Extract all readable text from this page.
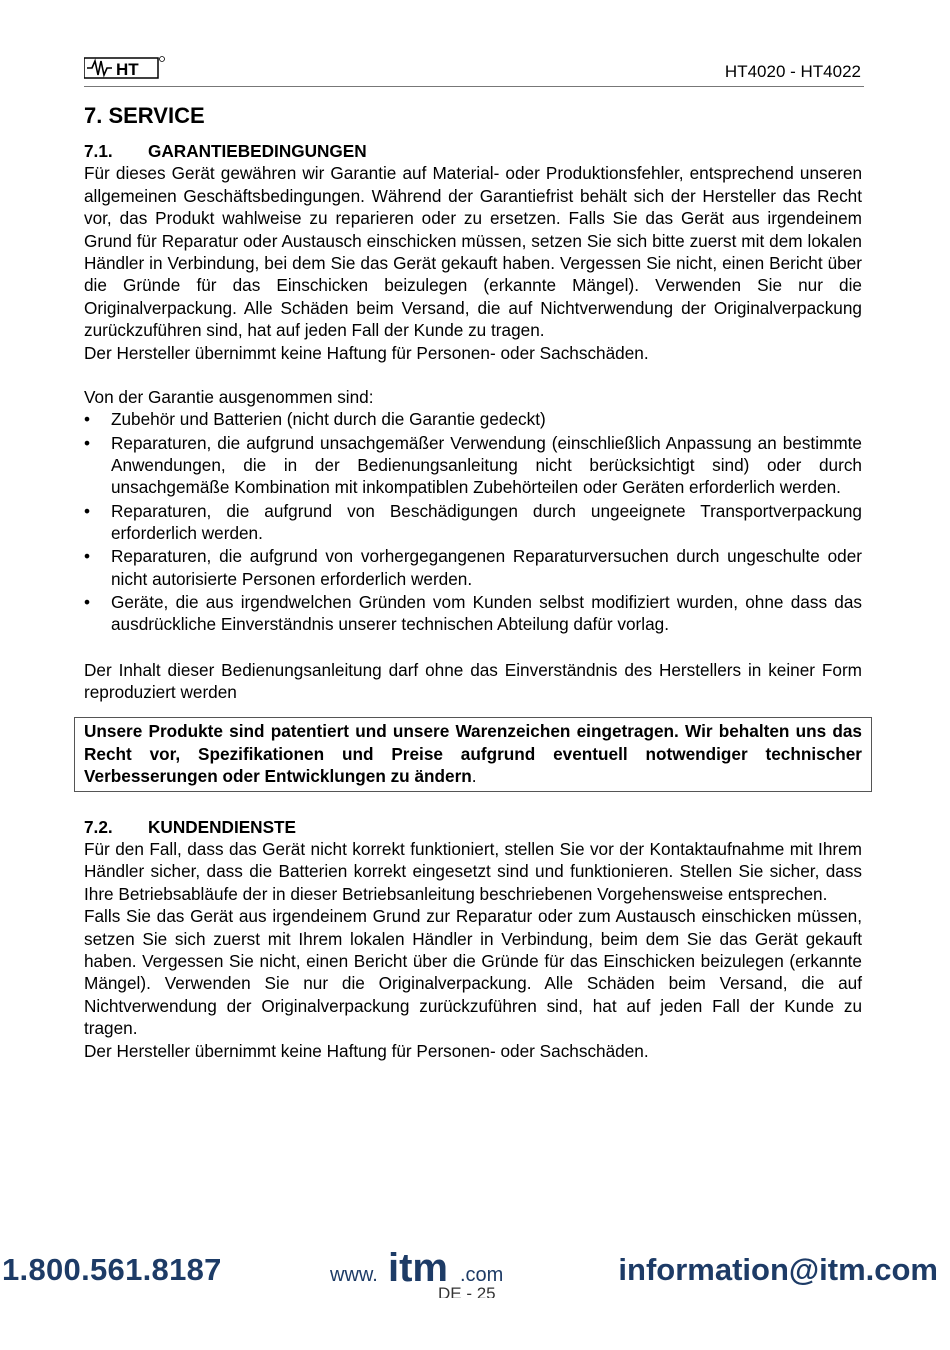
HT	HT4020 - HT4022
7. SERVICE
7.1. GARANTIEBEDINGUNGEN

Für dieses Gerät gewähren wir Garantie auf Material- oder Produktionsfehler, entsprechend unseren allgemeinen Geschäftsbedingungen. Während der Garantiefrist behält sich der Hersteller das Recht vor, das Produkt wahlweise zu reparieren oder zu ersetzen. Falls Sie das Gerät aus irgendeinem Grund für Reparatur oder Austausch einschicken müssen, setzen Sie sich bitte zuerst mit dem lokalen Händler in Verbindung, bei dem Sie das Gerät gekauft haben. Vergessen Sie nicht, einen Bericht über die Gründe für das Einschicken beizulegen (erkannte Mängel). Verwenden Sie nur die Originalverpackung. Alle Schäden beim Versand, die auf Nichtverwendung der Originalverpackung zurückzuführen sind, hat auf jeden Fall der Kunde zu tragen.

Der Hersteller übernimmt keine Haftung für Personen- oder Sachschäden.

Von der Garantie ausgenommen sind:

• Zubehör und Batterien (nicht durch die Garantie gedeckt)
• Reparaturen, die aufgrund unsachgemäßer Verwendung (einschließlich Anpassung an bestimmte Anwendungen, die in der Bedienungsanleitung nicht berücksichtigt sind) oder durch unsachgemäße Kombination mit inkompatiblen Zubehörteilen oder Geräten erforderlich werden.
• Reparaturen, die aufgrund von Beschädigungen durch ungeeignete Transportverpackung erforderlich werden.
• Reparaturen, die aufgrund von vorhergegangenen Reparaturversuchen durch ungeschulte oder nicht autorisierte Personen erforderlich werden.
• Geräte, die aus irgendwelchen Gründen vom Kunden selbst modifiziert wurden, ohne dass das ausdrückliche Einverständnis unserer technischen Abteilung dafür vorlag.

Der Inhalt dieser Bedienungsanleitung darf ohne das Einverständnis des Herstellers in keiner Form reproduziert werden

Unsere Produkte sind patentiert und unsere Warenzeichen eingetragen. Wir behalten uns das Recht vor, Spezifikationen und Preise aufgrund eventuell notwendiger technischer Verbesserungen oder Entwicklungen zu ändern.
7.2. KUNDENDIENSTE

Für den Fall, dass das Gerät nicht korrekt funktioniert, stellen Sie vor der Kontaktaufnahme mit Ihrem Händler sicher, dass die Batterien korrekt eingesetzt sind und funktionieren. Stellen Sie sicher, dass Ihre Betriebsabläufe der in dieser Betriebsanleitung beschriebenen Vorgehensweise entsprechen.

Falls Sie das Gerät aus irgendeinem Grund zur Reparatur oder zum Austausch einschicken müssen, setzen Sie sich zuerst mit Ihrem lokalen Händler in Verbindung, beim dem Sie das Gerät gekauft haben. Vergessen Sie nicht, einen Bericht über die Gründe für das Einschicken beizulegen (erkannte Mängel). Verwenden Sie nur die Originalverpackung. Alle Schäden beim Versand, die auf Nichtverwendung der Originalverpackung zurückzuführen sind, hat auf jeden Fall der Kunde zu tragen.

Der Hersteller übernimmt keine Haftung für Personen- oder Sachschäden.

DE - 25
1.800.561.8187	www. itm .com	information@itm.com
